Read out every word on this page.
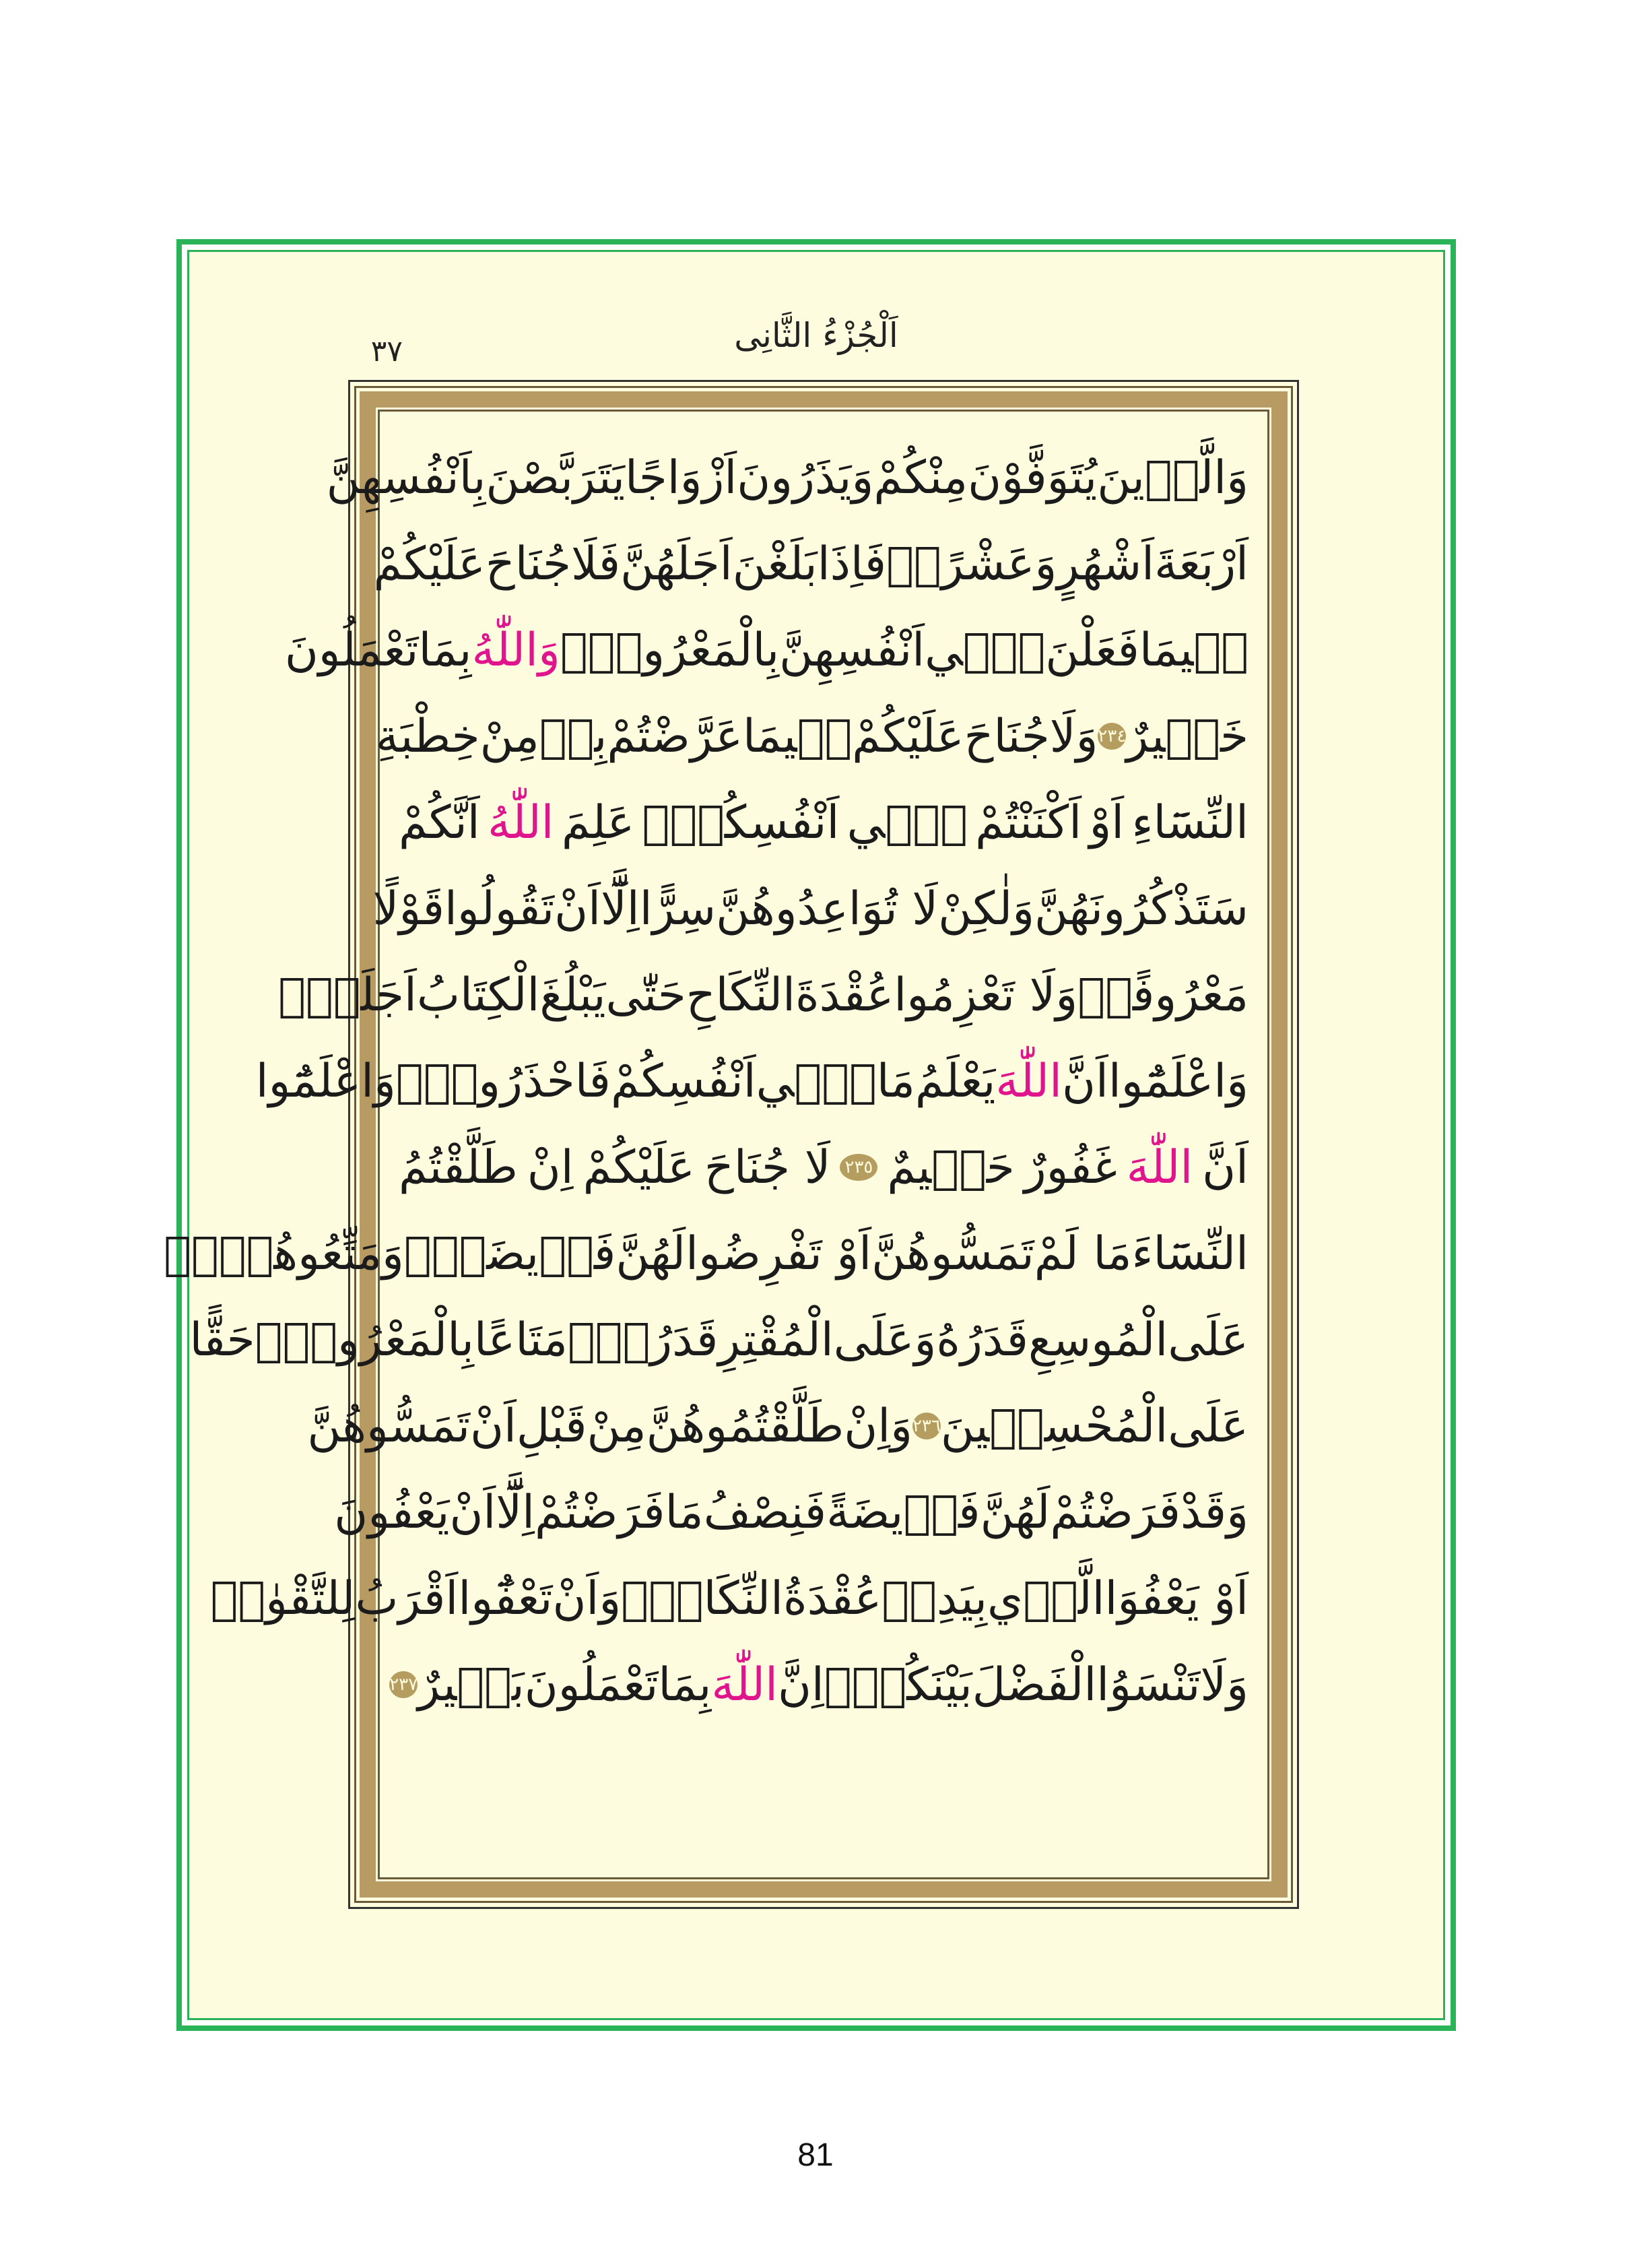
اَلْجُزْءُ الثَّانِى
٣٧
وَالَّذٖينَ
يُتَوَفَّوْنَ
مِنْكُمْ
وَيَذَرُونَ
اَزْوَاجًا
يَتَرَبَّصْنَ
بِاَنْفُسِهِنَّ
اَرْبَعَةَ
اَشْهُرٍ
وَعَشْرًاۚ
فَاِذَا
بَلَغْنَ
اَجَلَهُنَّ
فَلَا
جُنَاحَ
عَلَيْكُمْ
فٖيمَا
فَعَلْنَ
فٖٓي
اَنْفُسِهِنَّ
بِالْمَعْرُوفِۜ
وَاللّٰهُ
بِمَا
تَعْمَلُونَ
خَبٖيرٌ
٢٣٤
وَلَا
جُنَاحَ
عَلَيْكُمْ
فٖيمَا
عَرَّضْتُمْ
بِهٖ
مِنْ
خِطْبَةِ
النِّسَٓاءِ
اَوْ
اَكْنَنْتُمْ
فٖٓي
اَنْفُسِكُمْۜ
عَلِمَ
اللّٰهُ
اَنَّكُمْ
سَتَذْكُرُونَهُنَّ
وَلٰكِنْ
لَا تُوَاعِدُوهُنَّ
سِرًّا
اِلَّٓا
اَنْ
تَقُولُوا
قَوْلًا
مَعْرُوفًاۜ
وَلَا تَعْزِمُوا
عُقْدَةَ
النِّكَاحِ
حَتّٰى
يَبْلُغَ
الْكِتَابُ
اَجَلَهُۜ
وَاعْلَمُٓوا
اَنَّ
اللّٰهَ
يَعْلَمُ
مَا
فٖٓي
اَنْفُسِكُمْ
فَاحْذَرُوهُۚ
وَاعْلَمُٓوا
اَنَّ
اللّٰهَ
غَفُورٌ
حَلٖيمٌ
٢٣٥
لَا جُنَاحَ
عَلَيْكُمْ
اِنْ
طَلَّقْتُمُ
النِّسَٓاءَ
مَا لَمْ
تَمَسُّوهُنَّ
اَوْ تَفْرِضُوا
لَهُنَّ
فَرٖيضَةًۚ
وَمَتِّعُوهُنَّۚ
عَلَى
الْمُوسِعِ
قَدَرُهُ
وَعَلَى
الْمُقْتِرِ
قَدَرُهُۚ
مَتَاعًا
بِالْمَعْرُوفِۚ
حَقًّا
عَلَى
الْمُحْسِنٖينَ
٢٣٦
وَاِنْ
طَلَّقْتُمُوهُنَّ
مِنْ
قَبْلِ
اَنْ
تَمَسُّوهُنَّ
وَقَدْ
فَرَضْتُمْ
لَهُنَّ
فَرٖيضَةً
فَنِصْفُ
مَا
فَرَضْتُمْ
اِلَّٓا
اَنْ
يَعْفُونَ
اَوْ يَعْفُوَا
الَّذٖي
بِيَدِهٖ
عُقْدَةُ
النِّكَاحِۜ
وَاَنْ
تَعْفُٓوا
اَقْرَبُ
لِلتَّقْوٰىۜ
وَلَا
تَنْسَوُا
الْفَضْلَ
بَيْنَكُمْۜ
اِنَّ
اللّٰهَ
بِمَا
تَعْمَلُونَ
بَصٖيرٌ
٢٣٧
81
